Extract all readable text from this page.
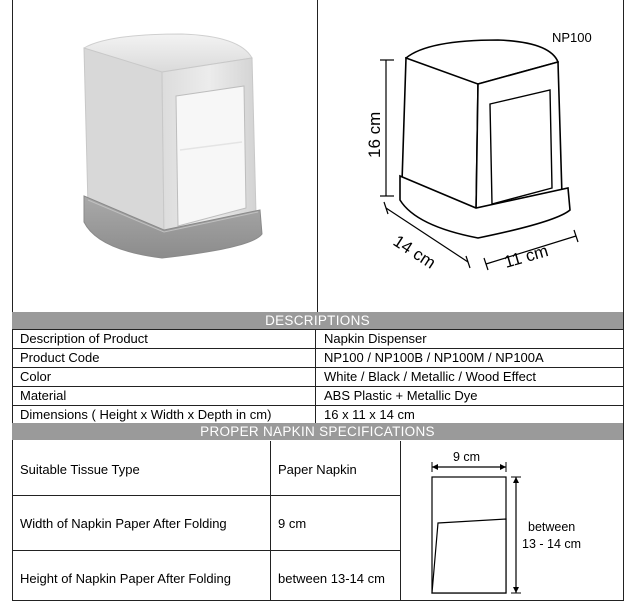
NP100
16 cm
14 cm	11 cm
DESCRIPTIONS
Description of Product	Napkin Dispenser
Product Code	NP100 / NP100B / NP100M / NP100A
Color	White / Black / Metallic / Wood Effect
Material	ABS Plastic + Metallic Dye
Dimensions ( Height x Width x Depth in cm)	16 x 11 x 14 cm
PROPER NAPKIN SPECIFICATIONS
Suitable Tissue Type	Paper Napkin
Width of Napkin Paper After Folding	9 cm
Height of Napkin Paper After Folding	between 13-14 cm
9 cm
between
13 - 14 cm
